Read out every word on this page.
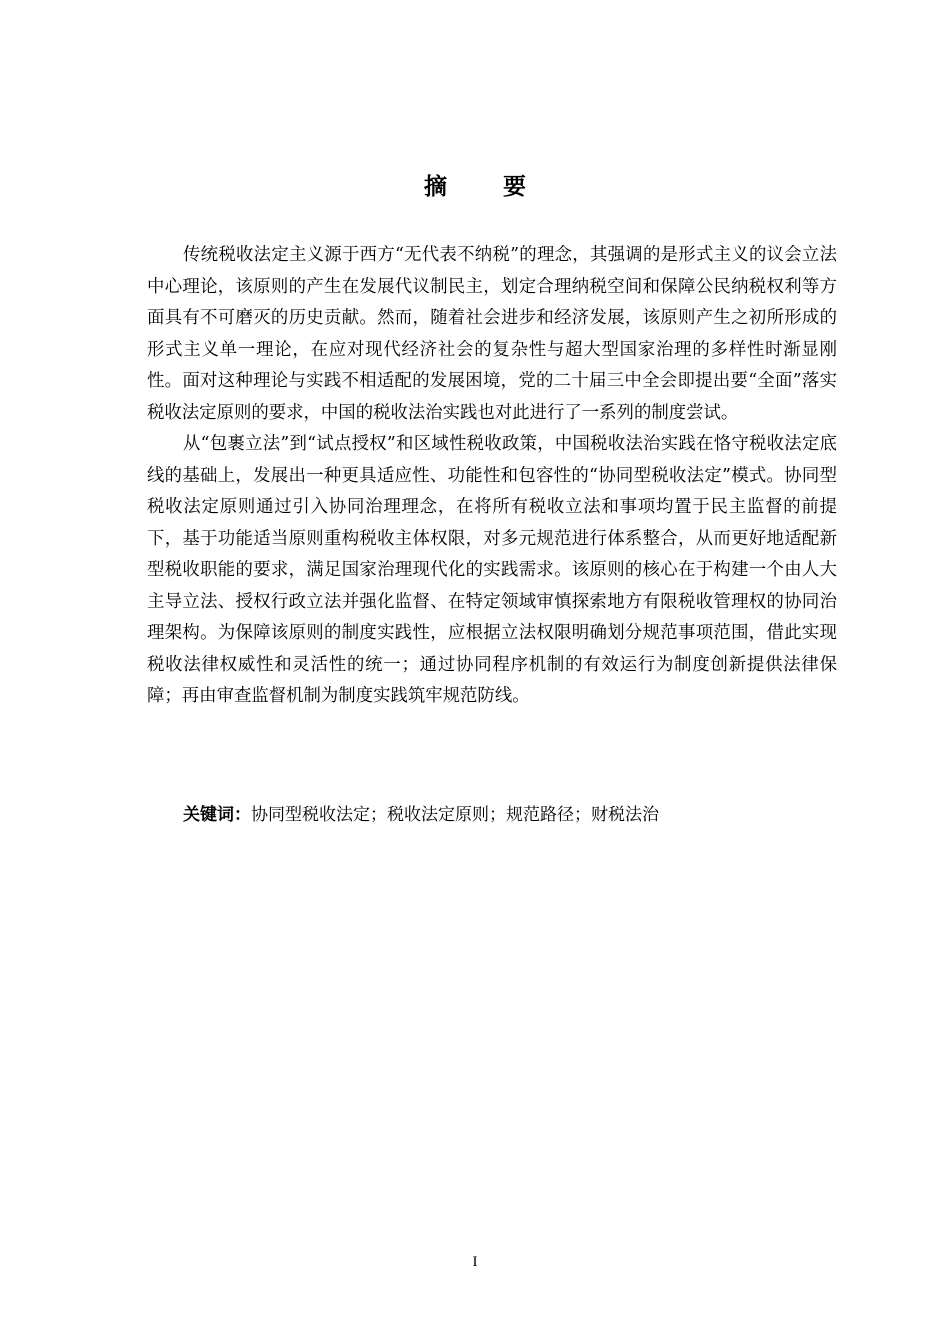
摘 要

传统税收法定主义源于西方“无代表不纳税”的理念，其强调的是形式主义的议会立法中心理论，该原则的产生在发展代议制民主，划定合理纳税空间和保障公民纳税权利等方面具有不可磨灭的历史贡献。然而，随着社会进步和经济发展，该原则产生之初所形成的形式主义单一理论，在应对现代经济社会的复杂性与超大型国家治理的多样性时渐显刚性。面对这种理论与实践不相适配的发展困境，党的二十届三中全会即提出要“全面”落实税收法定原则的要求，中国的税收法治实践也对此进行了一系列的制度尝试。

从“包裹立法”到“试点授权”和区域性税收政策，中国税收法治实践在恪守税收法定底线的基础上，发展出一种更具适应性、功能性和包容性的“协同型税收法定”模式。协同型税收法定原则通过引入协同治理理念，在将所有税收立法和事项均置于民主监督的前提下，基于功能适当原则重构税收主体权限，对多元规范进行体系整合，从而更好地适配新型税收职能的要求，满足国家治理现代化的实践需求。该原则的核心在于构建一个由人大主导立法、授权行政立法并强化监督、在特定领域审慎探索地方有限税收管理权的协同治理架构。为保障该原则的制度实践性，应根据立法权限明确划分规范事项范围，借此实现税收法律权威性和灵活性的统一；通过协同程序机制的有效运行为制度创新提供法律保障；再由审查监督机制为制度实践筑牢规范防线。

关键词：协同型税收法定；税收法定原则；规范路径；财税法治
I
